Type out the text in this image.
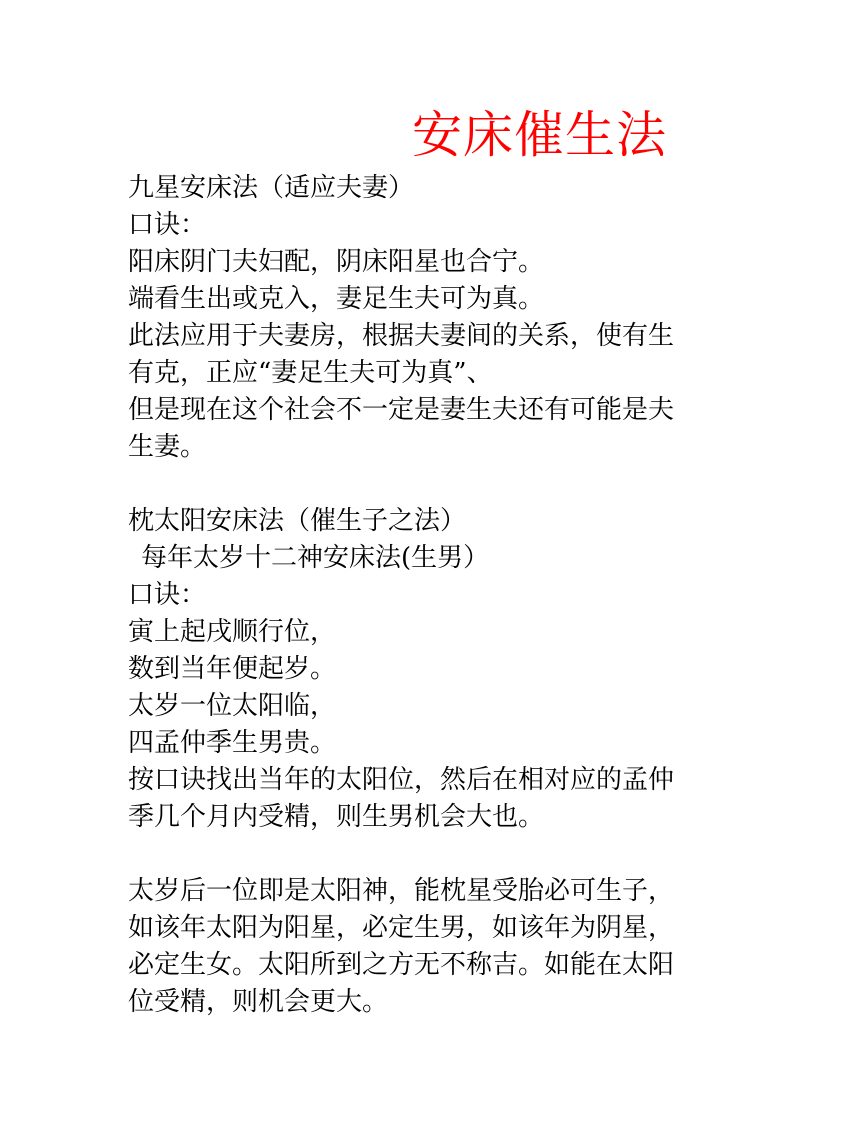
安床催生法
九星安床法（适应夫妻）
口诀：
阳床阴门夫妇配，阴床阳星也合宁。
端看生出或克入，妻足生夫可为真。
此法应用于夫妻房，根据夫妻间的关系，使有生
有克，正应“妻足生夫可为真”、
但是现在这个社会不一定是妻生夫还有可能是夫
生妻。
枕太阳安床法（催生子之法）
每年太岁十二神安床法(生男）
口诀：
寅上起戌顺行位，
数到当年便起岁。
太岁一位太阳临，
四孟仲季生男贵。
按口诀找出当年的太阳位，然后在相对应的孟仲
季几个月内受精，则生男机会大也。
太岁后一位即是太阳神，能枕星受胎必可生子，
如该年太阳为阳星，必定生男，如该年为阴星，
必定生女。太阳所到之方无不称吉。如能在太阳
位受精，则机会更大。
